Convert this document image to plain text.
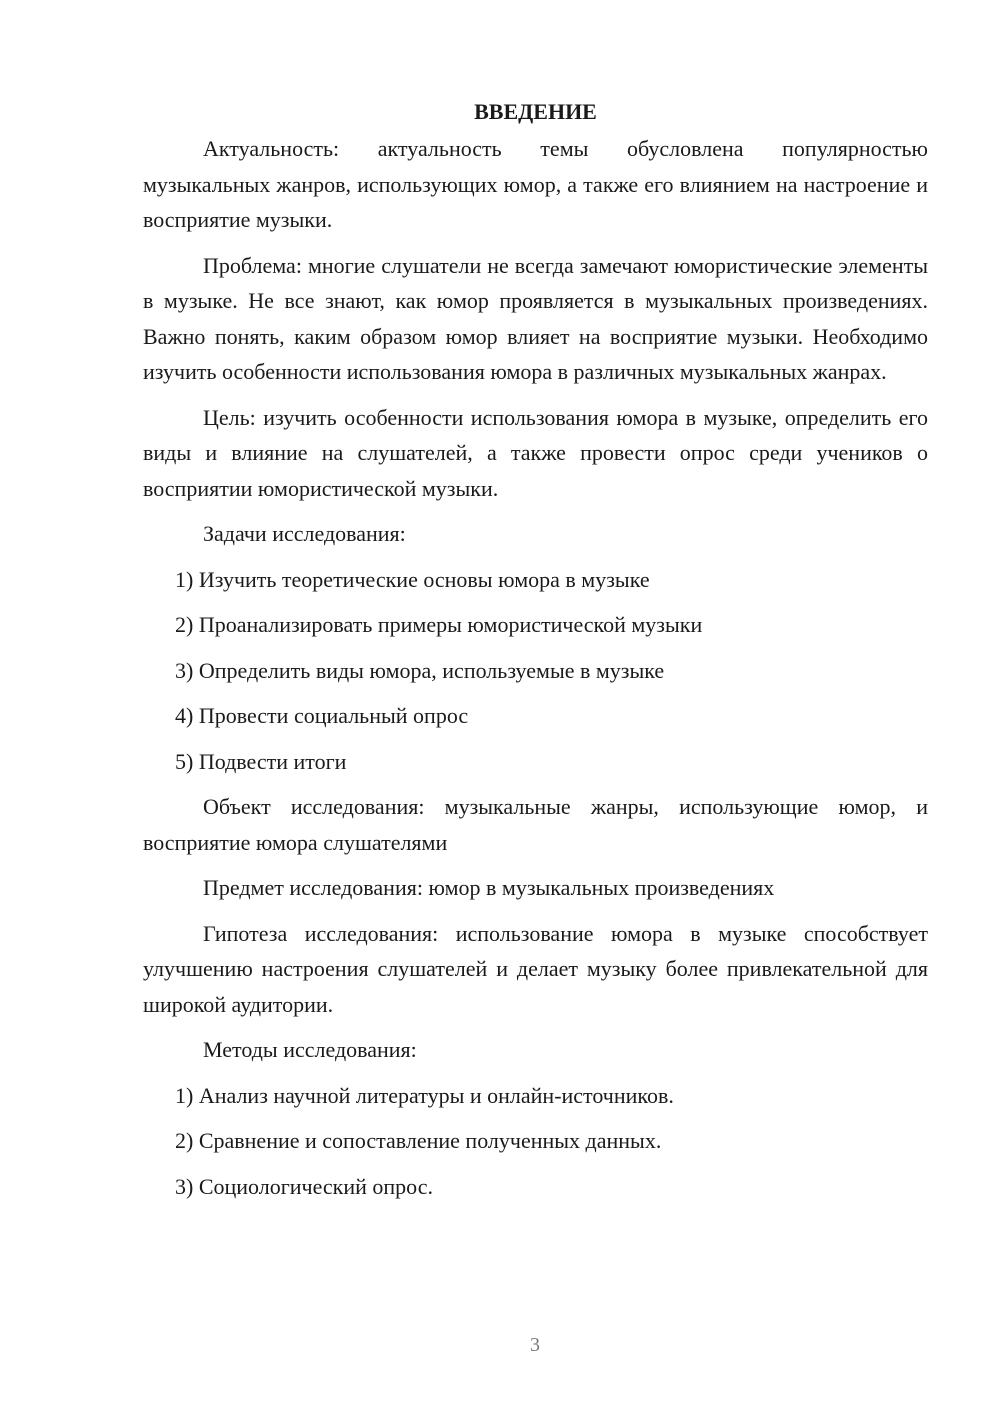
ВВЕДЕНИЕ

Актуальность: актуальность темы обусловлена популярностью музыкальных жанров, использующих юмор, а также его влиянием на настроение и восприятие музыки.

Проблема: многие слушатели не всегда замечают юмористические элементы в музыке. Не все знают, как юмор проявляется в музыкальных произведениях. Важно понять, каким образом юмор влияет на восприятие музыки. Необходимо изучить особенности использования юмора в различных музыкальных жанрах.

Цель: изучить особенности использования юмора в музыке, определить его виды и влияние на слушателей, а также провести опрос среди учеников о восприятии юмористической музыки.

Задачи исследования:

1) Изучить теоретические основы юмора в музыке

2) Проанализировать примеры юмористической музыки

3) Определить виды юмора, используемые в музыке

4) Провести социальный опрос

5) Подвести итоги

Объект исследования: музыкальные жанры, использующие юмор, и восприятие юмора слушателями

Предмет исследования: юмор в музыкальных произведениях

Гипотеза исследования: использование юмора в музыке способствует улучшению настроения слушателей и делает музыку более привлекательной для широкой аудитории.

Методы исследования:

1) Анализ научной литературы и онлайн-источников.

2) Сравнение и сопоставление полученных данных.

3) Социологический опрос.

3
